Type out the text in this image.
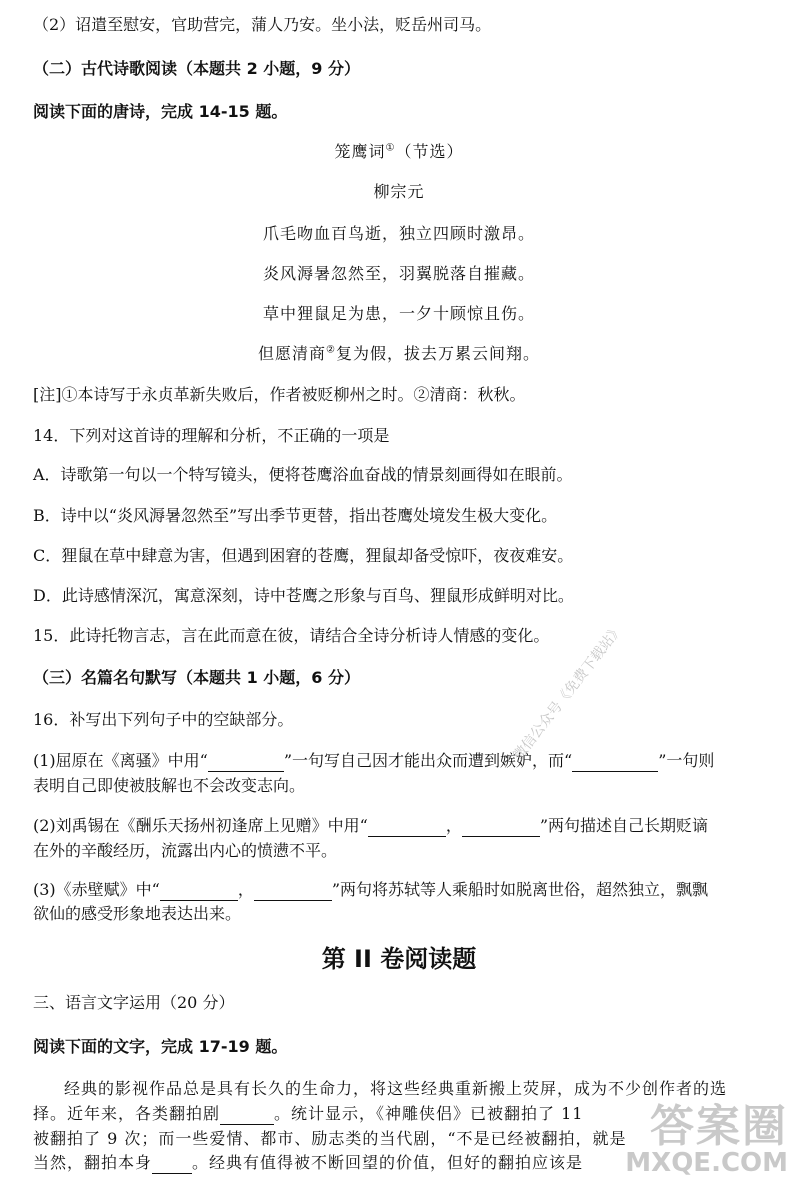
（2）诏遣至慰安，官助营完，蒲人乃安。坐小法，贬岳州司马。
（二）古代诗歌阅读（本题共 2 小题，9 分）
阅读下面的唐诗，完成 14-15 题。
笼鹰词①（节选）
柳宗元
爪毛吻血百鸟逝，独立四顾时激昂。
炎风溽暑忽然至，羽翼脱落自摧藏。
草中狸鼠足为患，一夕十顾惊且伤。
但愿清商②复为假，拔去万累云间翔。
[注]①本诗写于永贞革新失败后，作者被贬柳州之时。②清商：秋秋。
14．下列对这首诗的理解和分析，不正确的一项是
A．诗歌第一句以一个特写镜头，便将苍鹰浴血奋战的情景刻画得如在眼前。
B．诗中以“炎风溽暑忽然至”写出季节更替，指出苍鹰处境发生极大变化。
C．狸鼠在草中肆意为害，但遇到困窘的苍鹰，狸鼠却备受惊吓，夜夜难安。
D．此诗感情深沉，寓意深刻，诗中苍鹰之形象与百鸟、狸鼠形成鲜明对比。
15．此诗托物言志，言在此而意在彼，请结合全诗分析诗人情感的变化。
（三）名篇名句默写（本题共 1 小题，6 分）
16．补写出下列句子中的空缺部分。
(1)屈原在《离骚》中用“	”一句写自己因才能出众而遭到嫉妒，而“	”一句则
表明自己即使被肢解也不会改变志向。
(2)刘禹锡在《酬乐天扬州初逢席上见赠》中用“	，	”两句描述自己长期贬谪
在外的辛酸经历，流露出内心的愤懑不平。
(3)《赤壁赋》中“	，	”两句将苏轼等人乘船时如脱离世俗，超然独立，飘飘
欲仙的感受形象地表达出来。
第 II 卷阅读题
三、语言文字运用（20 分）
阅读下面的文字，完成 17-19 题。
经典的影视作品总是具有长久的生命力，将这些经典重新搬上荧屏，成为不少创作者的选
择。近年来，各类翻拍剧	。统计显示，《神雕侠侣》已被翻拍了 11
被翻拍了 9 次；而一些爱情、都市、励志类的当代剧，“不是已经被翻拍，就是
当然，翻拍本身	。经典有值得被不断回望的价值，但好的翻拍应该是
微信公众号《免费下载站》
答案圈
MXQE.COM
